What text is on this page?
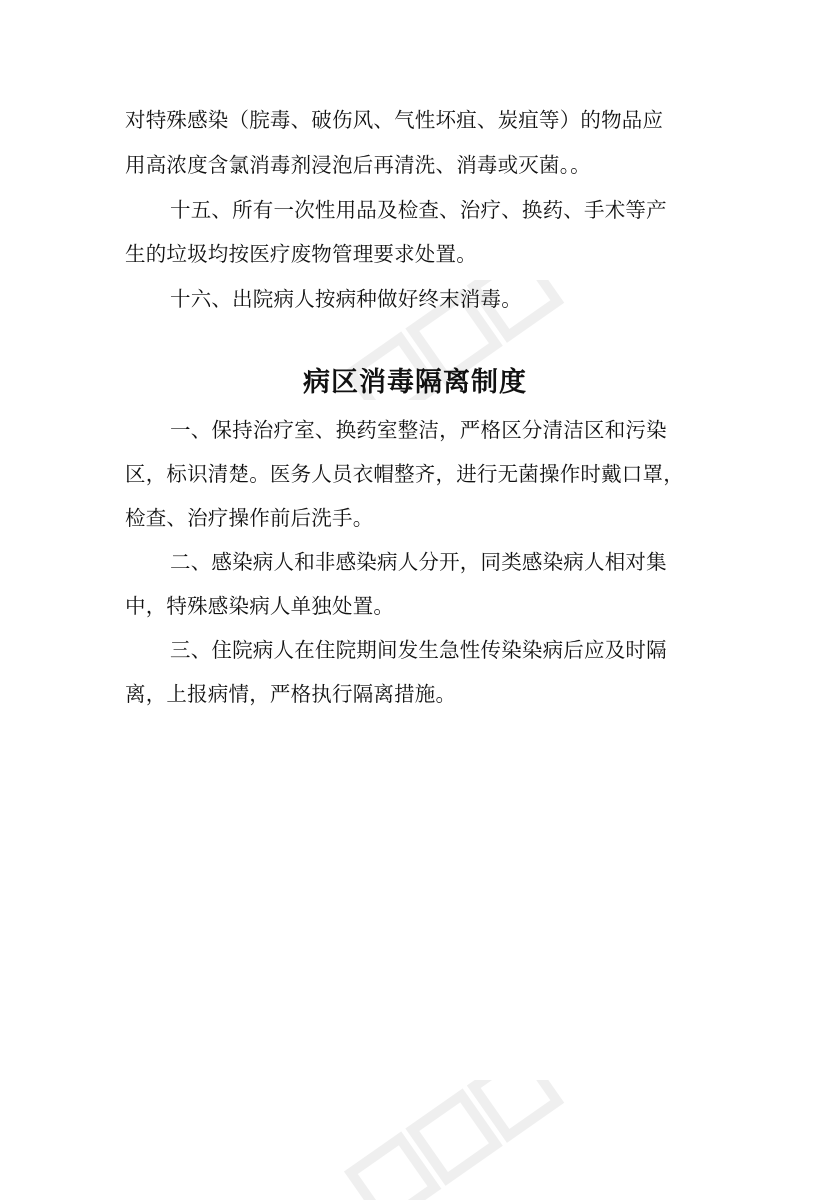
对特殊感染（脘毒、破伤风、气性坏疽、炭疽等）的物品应
用高浓度含氯消毒剂浸泡后再清洗、消毒或灭菌。。
十五、所有一次性用品及检查、治疗、换药、手术等产
生的垃圾均按医疗废物管理要求处置。
十六、出院病人按病种做好终末消毒。
病区消毒隔离制度
一、保持治疗室、换药室整洁，严格区分清洁区和污染
区，标识清楚。医务人员衣帽整齐，进行无菌操作时戴口罩，
检查、治疗操作前后洗手。
二、感染病人和非感染病人分开，同类感染病人相对集
中，特殊感染病人单独处置。
三、住院病人在住院期间发生急性传染染病后应及时隔
离，上报病情，严格执行隔离措施。
